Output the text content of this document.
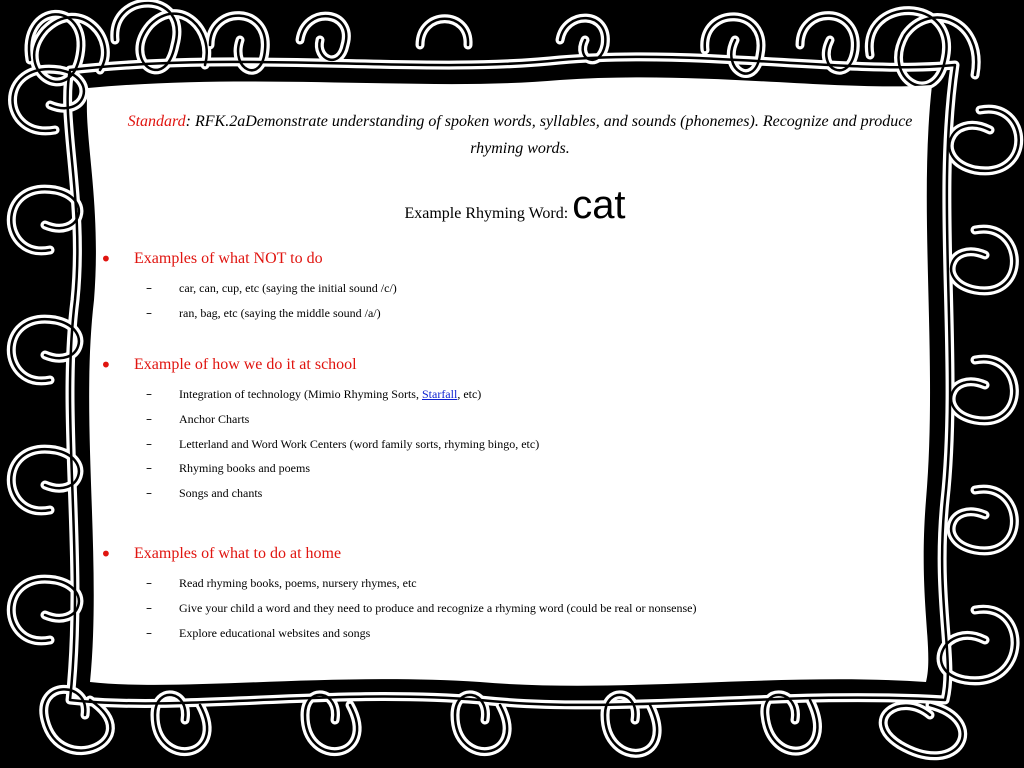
Standard: RFK.2aDemonstrate understanding of spoken words, syllables, and sounds (phonemes). Recognize and produce rhyming words.

Example Rhyming Word: cat
• Examples of what NOT to do
– car, can, cup, etc (saying the initial sound /c/)
– ran, bag, etc (saying the middle sound /a/)
• Example of how we do it at school
– Integration of technology (Mimio Rhyming Sorts, Starfall, etc)
– Anchor Charts
– Letterland and Word Work Centers (word family sorts, rhyming bingo, etc)
– Rhyming books and poems
– Songs and chants
• Examples of what to do at home
– Read rhyming books, poems, nursery rhymes, etc
– Give your child a word and they need to produce and recognize a rhyming word (could be real or nonsense)
– Explore educational websites and songs
